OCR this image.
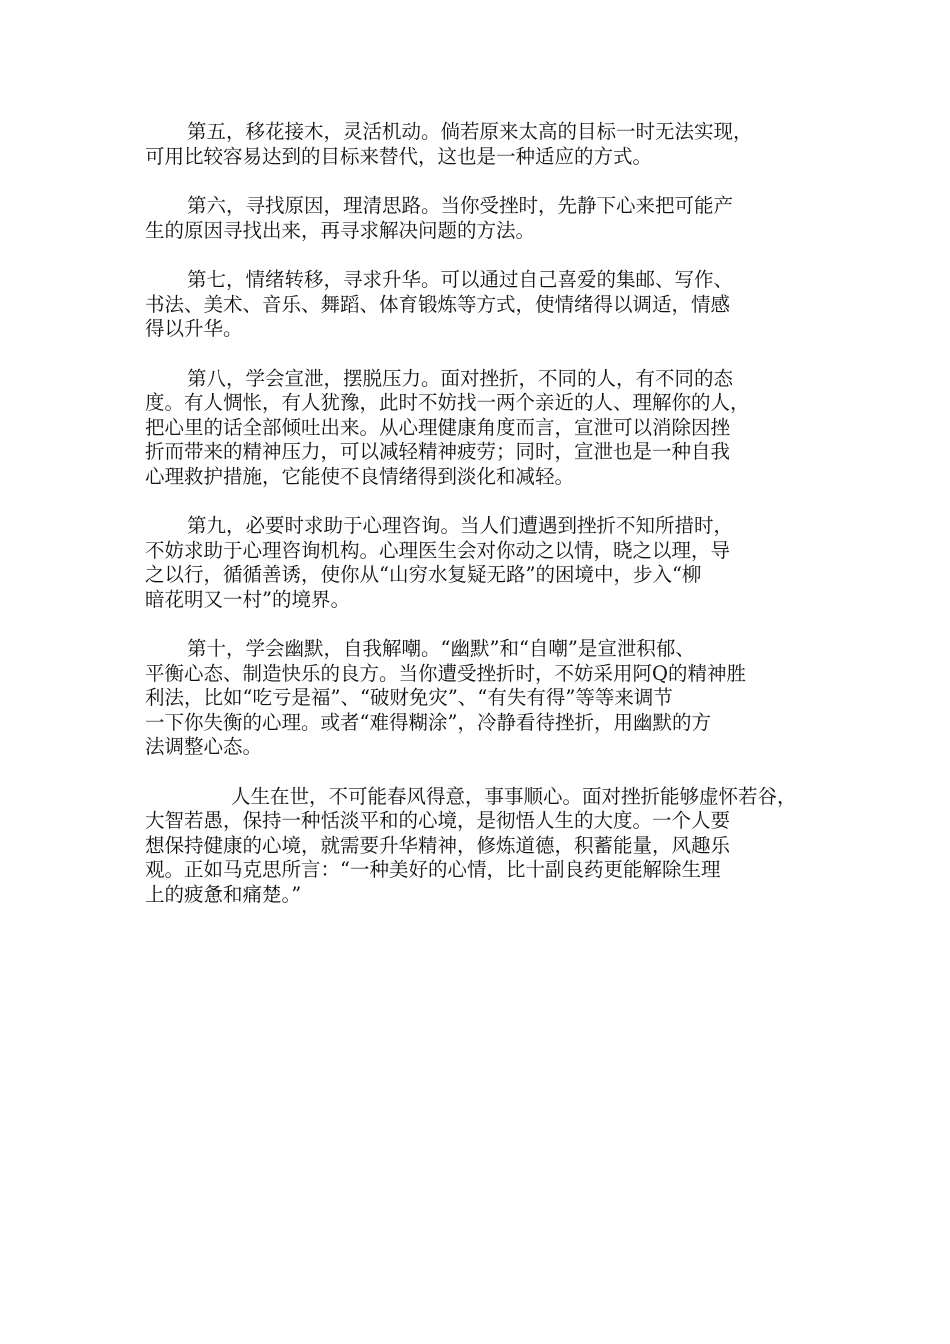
第五，移花接木，灵活机动。倘若原来太高的目标一时无法实现，
可用比较容易达到的目标来替代，这也是一种适应的方式。

第六，寻找原因，理清思路。当你受挫时，先静下心来把可能产
生的原因寻找出来，再寻求解决问题的方法。

第七，情绪转移，寻求升华。可以通过自己喜爱的集邮、写作、
书法、美术、音乐、舞蹈、体育锻炼等方式，使情绪得以调适，情感
得以升华。

第八，学会宣泄，摆脱压力。面对挫折，不同的人，有不同的态
度。有人惆怅，有人犹豫，此时不妨找一两个亲近的人、理解你的人，
把心里的话全部倾吐出来。从心理健康角度而言，宣泄可以消除因挫
折而带来的精神压力，可以减轻精神疲劳；同时，宣泄也是一种自我
心理救护措施，它能使不良情绪得到淡化和减轻。

第九，必要时求助于心理咨询。当人们遭遇到挫折不知所措时，
不妨求助于心理咨询机构。心理医生会对你动之以情，晓之以理，导
之以行，循循善诱，使你从“山穷水复疑无路”的困境中，步入“柳
暗花明又一村”的境界。

第十，学会幽默，自我解嘲。“幽默”和“自嘲”是宣泄积郁、
平衡心态、制造快乐的良方。当你遭受挫折时，不妨采用阿Q的精神胜
利法，比如“吃亏是福”、“破财免灾”、“有失有得”等等来调节
一下你失衡的心理。或者“难得糊涂”，冷静看待挫折，用幽默的方
法调整心态。

人生在世，不可能春风得意，事事顺心。面对挫折能够虚怀若谷，
大智若愚，保持一种恬淡平和的心境，是彻悟人生的大度。一个人要
想保持健康的心境，就需要升华精神，修炼道德，积蓄能量，风趣乐
观。正如马克思所言：“一种美好的心情，比十副良药更能解除生理
上的疲惫和痛楚。”
